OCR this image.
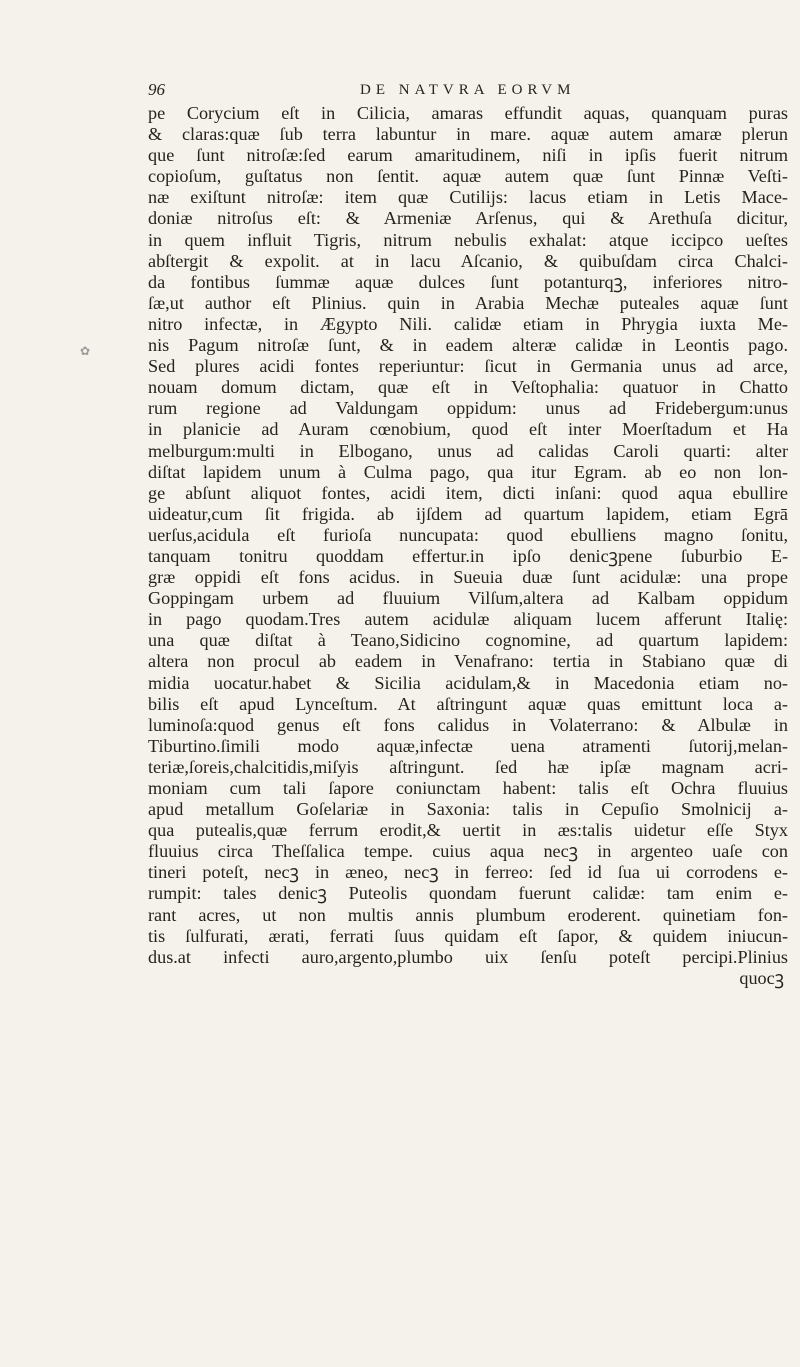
96	DE NATVRA EORVM
✿
pe Corycium eſt in Cilicia, amaras effundit aquas, quanquam puras
& claras:quæ ſub terra labuntur in mare. aquæ autem amaræ plerun
que ſunt nitroſæ:ſed earum amaritudinem, niſi in ipſis fuerit nitrum
copioſum, guſtatus non ſentit. aquæ autem quæ ſunt Pinnæ Veſti‐
næ exiſtunt nitroſæ: item quæ Cutilijs: lacus etiam in Letis Mace‐
doniæ nitroſus eſt: & Armeniæ Arſenus, qui & Arethuſa dicitur,
in quem influit Tigris, nitrum nebulis exhalat: atque icciрco ueſtes
abſtergit & expolit. at in lacu Aſcanio, & quibuſdam circa Chalci‐
da fontibus ſummæ aquæ dulces ſunt potanturqꝫ, inferiores nitro‐
ſæ,ut author eſt Plinius. quin in Arabia Mechæ puteales aquæ ſunt
nitro infectæ, in Ægypto Nili. calidæ etiam in Phrygia iuxta Me‐
nis Pagum nitroſæ ſunt, & in eadem alteræ calidæ in Leontis pago.
Sed plures acidi fontes reperiuntur: ſicut in Germania unus ad arce,
nouam domum dictam, quæ eſt in Veſtophalia: quatuor in Chatto
rum regione ad Valdungam oppidum: unus ad Fridebergum:unus
in planicie ad Auram cœnobium, quod eſt inter Moerſtadum et Ha
melburgum:multi in Elbogano, unus ad calidas Caroli quarti: alter
diſtat lapidem unum à Culma pago, qua itur Egram. ab eo non lon‐
ge abſunt aliquot fontes, acidi item, dicti inſani: quod aqua ebullire
uideatur,cum ſit frigida. ab ijſdem ad quartum lapidem, etiam Egrā
uerſus,acidula eſt furioſa nuncupata: quod ebulliens magno ſonitu,
tanquam tonitru quoddam effertur.in ipſo denicꝫpene ſuburbio E‐
græ oppidi eſt fons acidus. in Sueuia duæ ſunt acidulæ: una prope
Goppingam urbem ad fluuium Vilſum,altera ad Kalbam oppidum
in pago quodam.Tres autem acidulæ aliquam lucem afferunt Italię:
una quæ diſtat à Teano,Sidicino cognomine, ad quartum lapidem:
altera non procul ab eadem in Venafrano: tertia in Stabiano quæ di
midia uocatur.habet & Sicilia acidulam,& in Macedonia etiam no‐
bilis eſt apud Lynceſtum. At aſtringunt aquæ quas emittunt loca a‐
luminoſa:quod genus eſt fons calidus in Volaterrano: & Albulæ in
Tiburtino.ſimili modo aquæ,infectæ uena atramenti ſutorij,melan‐
teriæ,ſoreis,chalcitidis,miſyis aſtringunt. ſed hæ ipſæ magnam acri‐
moniam cum tali ſapore coniunctam habent: talis eſt Ochra fluuius
apud metallum Goſelariæ in Saxonia: talis in Cepuſio Smolnicij a‐
qua putealis,quæ ferrum erodit,& uertit in æs:talis uidetur eſſe Styx
fluuius circa Theſſalica tempe. cuius aqua necꝫ in argenteo uaſe con
tineri poteſt, necꝫ in æneo, necꝫ in ferreo: ſed id ſua ui corrodens e‐
rumpit: tales denicꝫ Puteolis quondam fuerunt calidæ: tam enim e‐
rant acres, ut non multis annis plumbum eroderent. quinetiam fon‐
tis ſulfurati, ærati, ferrati ſuus quidam eſt ſapor, & quidem iniucun‐
dus.at infecti auro,argento,plumbo uix ſenſu poteſt percipi.Plinius
quocꝫ
